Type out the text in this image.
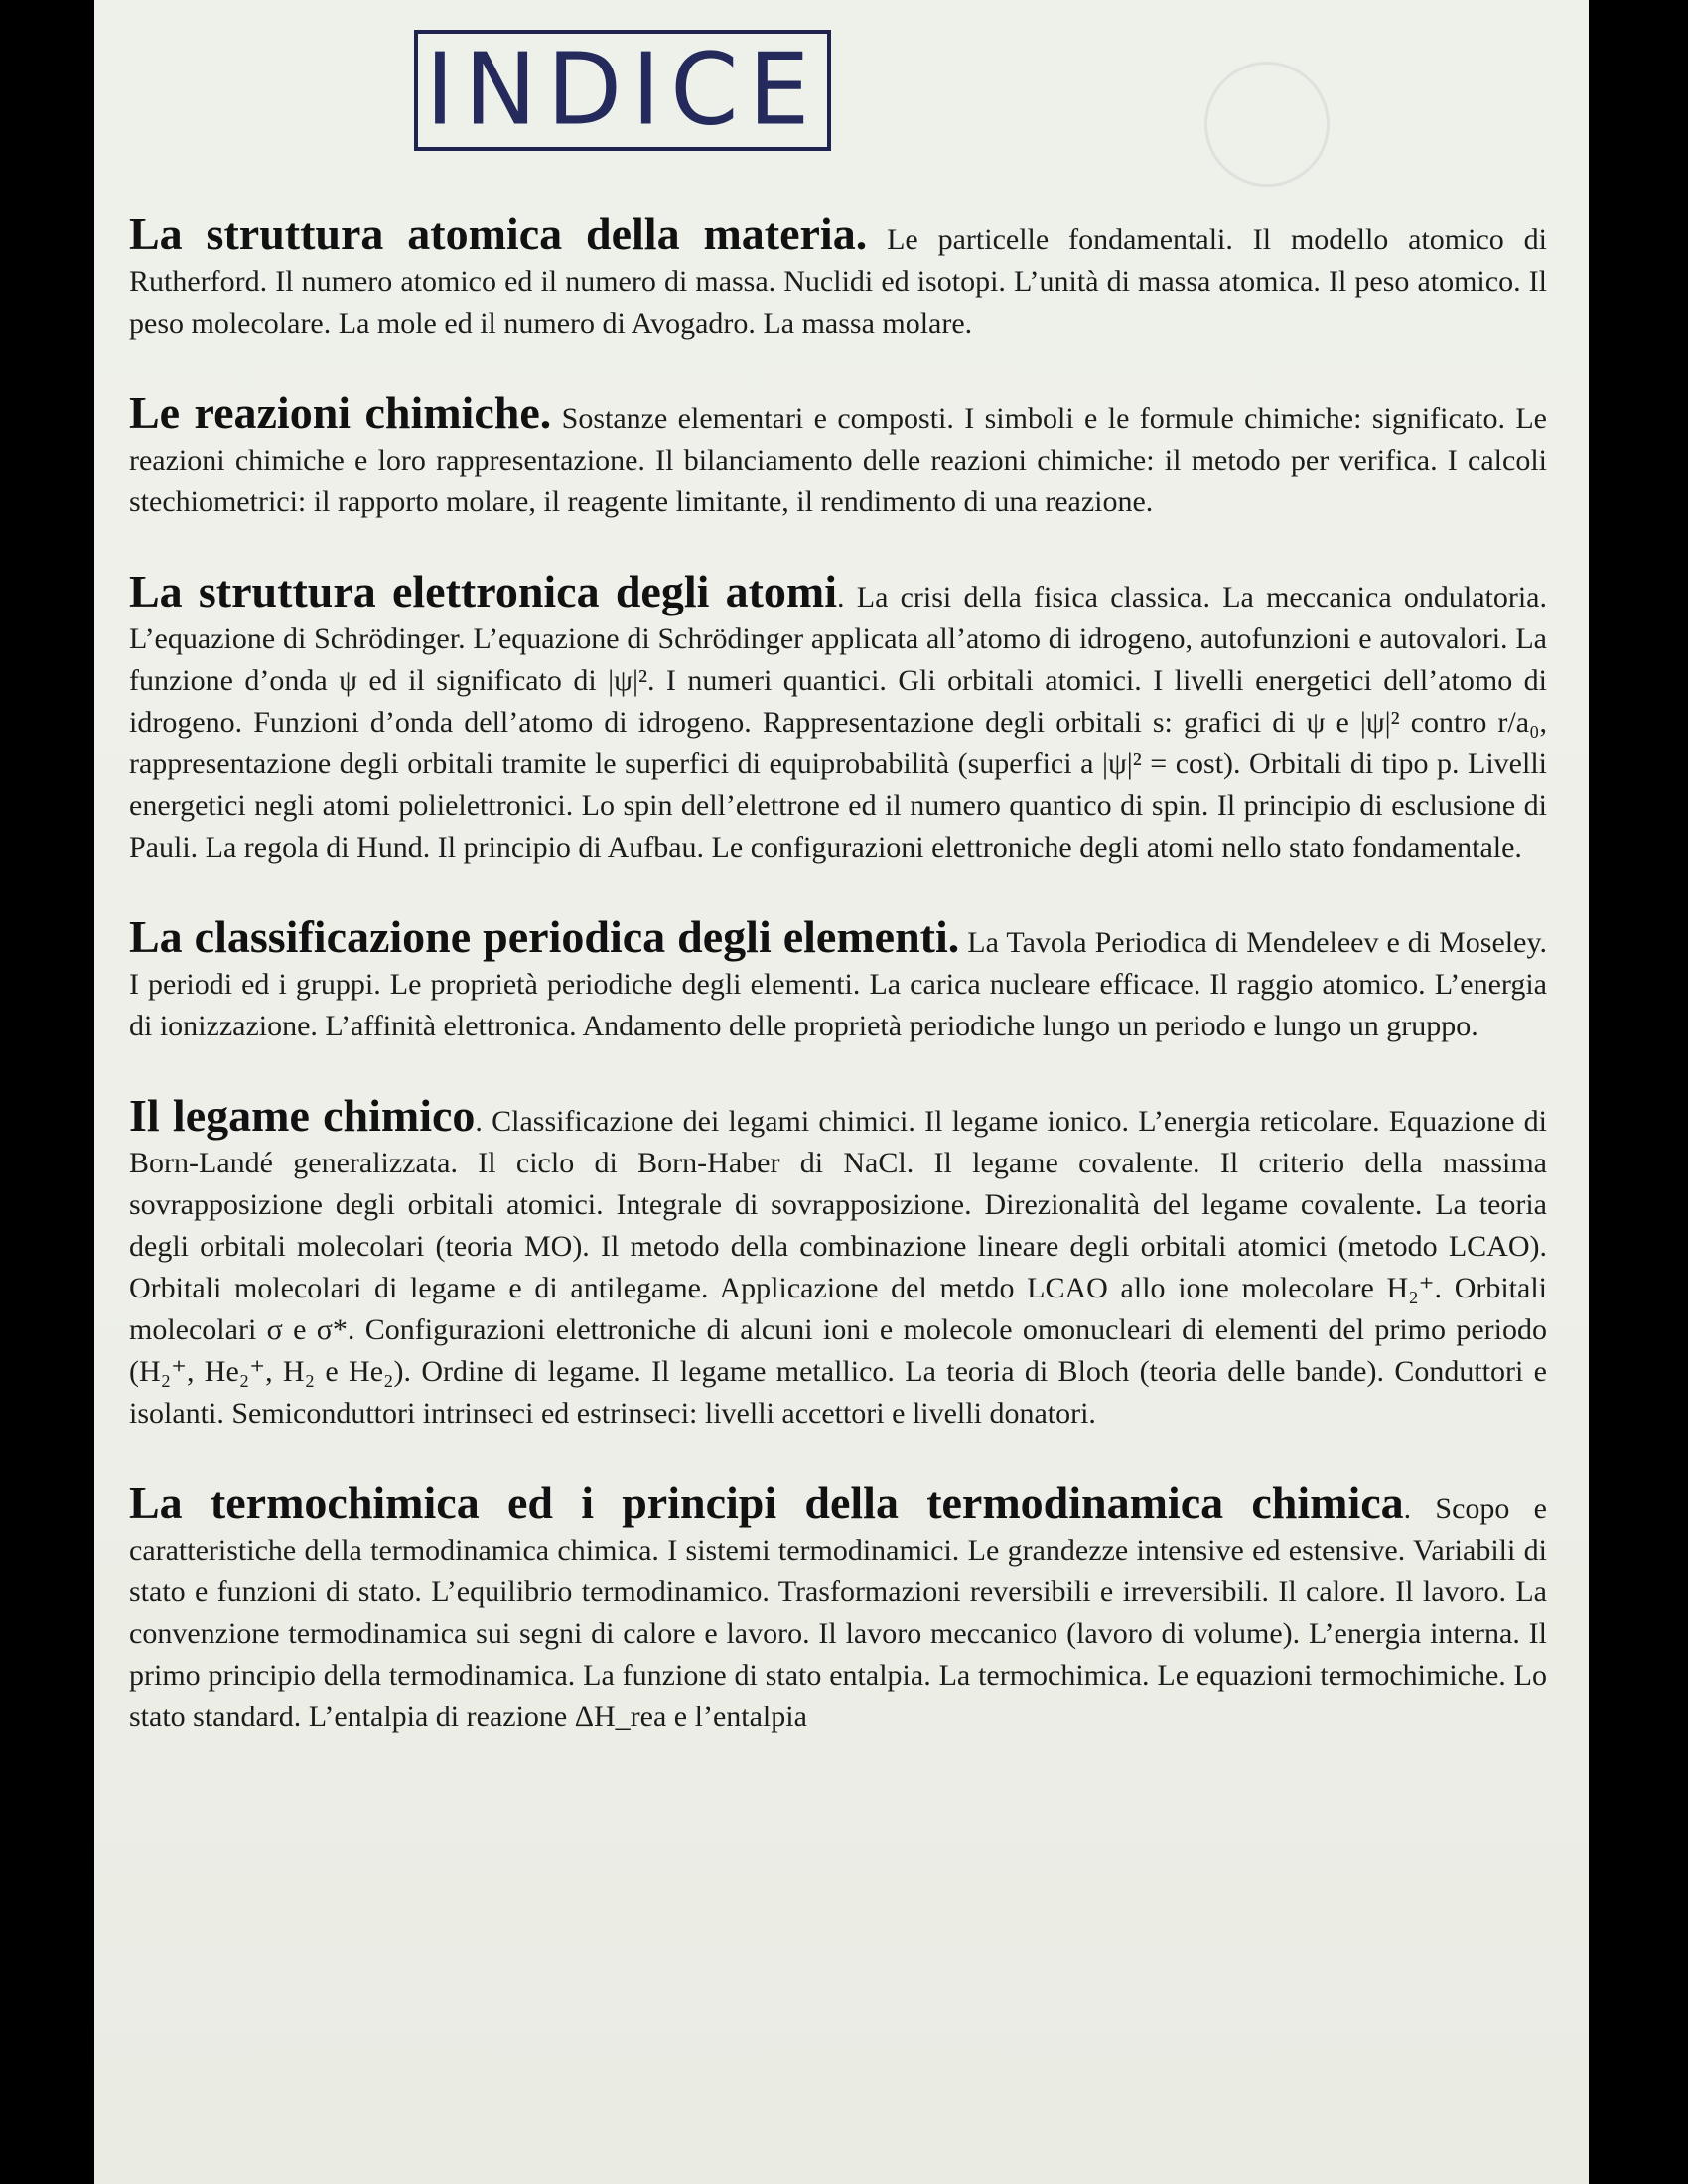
INDICE

La struttura atomica della materia. Le particelle fondamentali. Il modello atomico di Rutherford. Il numero atomico ed il numero di massa. Nuclidi ed isotopi. L’unità di massa atomica. Il peso atomico. Il peso molecolare. La mole ed il numero di Avogadro. La massa molare.

Le reazioni chimiche. Sostanze elementari e composti. I simboli e le formule chimiche: significato. Le reazioni chimiche e loro rappresentazione. Il bilanciamento delle reazioni chimiche: il metodo per verifica. I calcoli stechiometrici: il rapporto molare, il reagente limitante, il rendimento di una reazione.

La struttura elettronica degli atomi. La crisi della fisica classica. La meccanica ondulatoria. L’equazione di Schrödinger. L’equazione di Schrödinger applicata all’atomo di idrogeno, autofunzioni e autovalori. La funzione d’onda ψ ed il significato di |ψ|². I numeri quantici. Gli orbitali atomici. I livelli energetici dell’atomo di idrogeno. Funzioni d’onda dell’atomo di idrogeno. Rappresentazione degli orbitali s: grafici di ψ e |ψ|² contro r/a₀, rappresentazione degli orbitali tramite le superfici di equiprobabilità (superfici a |ψ|² = cost). Orbitali di tipo p. Livelli energetici negli atomi polielettronici. Lo spin dell’elettrone ed il numero quantico di spin. Il principio di esclusione di Pauli. La regola di Hund. Il principio di Aufbau. Le configurazioni elettroniche degli atomi nello stato fondamentale.

La classificazione periodica degli elementi. La Tavola Periodica di Mendeleev e di Moseley. I periodi ed i gruppi. Le proprietà periodiche degli elementi. La carica nucleare efficace. Il raggio atomico. L’energia di ionizzazione. L’affinità elettronica. Andamento delle proprietà periodiche lungo un periodo e lungo un gruppo.

Il legame chimico. Classificazione dei legami chimici. Il legame ionico. L’energia reticolare. Equazione di Born-Landé generalizzata. Il ciclo di Born-Haber di NaCl. Il legame covalente. Il criterio della massima sovrapposizione degli orbitali atomici. Integrale di sovrapposizione. Direzionalità del legame covalente. La teoria degli orbitali molecolari (teoria MO). Il metodo della combinazione lineare degli orbitali atomici (metodo LCAO). Orbitali molecolari di legame e di antilegame. Applicazione del metdo LCAO allo ione molecolare H₂⁺. Orbitali molecolari σ e σ*. Configurazioni elettroniche di alcuni ioni e molecole omonucleari di elementi del primo periodo (H₂⁺, He₂⁺, H₂ e He₂). Ordine di legame. Il legame metallico. La teoria di Bloch (teoria delle bande). Conduttori e isolanti. Semiconduttori intrinseci ed estrinseci: livelli accettori e livelli donatori.

La termochimica ed i principi della termodinamica chimica. Scopo e caratteristiche della termodinamica chimica. I sistemi termodinamici. Le grandezze intensive ed estensive. Variabili di stato e funzioni di stato. L’equilibrio termodinamico. Trasformazioni reversibili e irreversibili. Il calore. Il lavoro. La convenzione termodinamica sui segni di calore e lavoro. Il lavoro meccanico (lavoro di volume). L’energia interna. Il primo principio della termodinamica. La funzione di stato entalpia. La termochimica. Le equazioni termochimiche. Lo stato standard. L’entalpia di reazione ΔH_rea e l’entalpia
